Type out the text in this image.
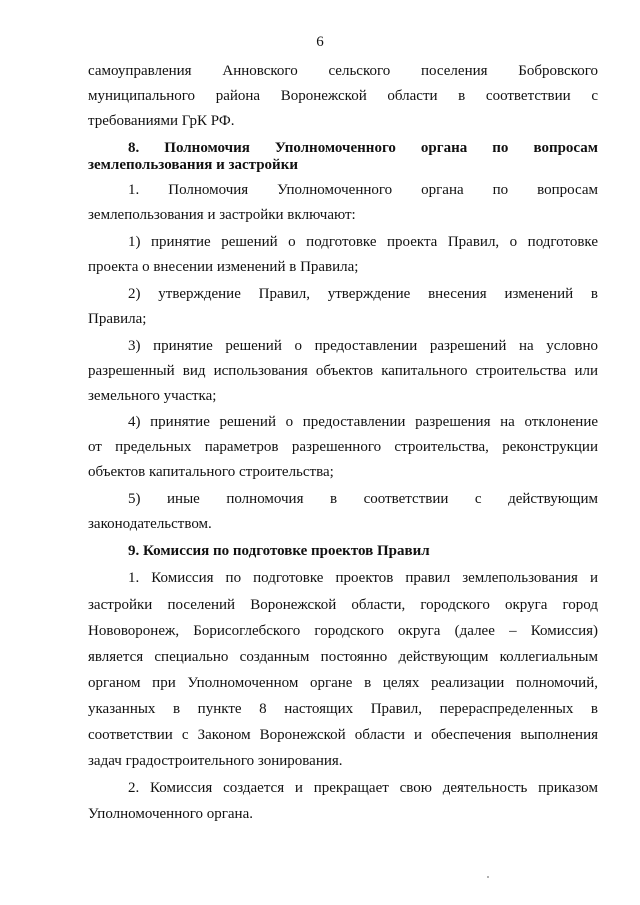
6
самоуправления Анновского сельского поселения Бобровского
муниципального района Воронежской области в соответствии с
требованиями ГрК РФ.
8. Полномочия Уполномоченного органа по вопросам
землепользования и застройки
1. Полномочия Уполномоченного органа по вопросам
землепользования и застройки включают:
1) принятие решений о подготовке проекта Правил, о подготовке
проекта о внесении изменений в Правила;
2) утверждение Правил, утверждение внесения изменений в
Правила;
3) принятие решений о предоставлении разрешений на условно
разрешенный вид использования объектов капитального строительства или
земельного участка;
4) принятие решений о предоставлении разрешения на отклонение
от предельных параметров разрешенного строительства, реконструкции
объектов капитального строительства;
5) иные полномочия в соответствии с действующим
законодательством.
9. Комиссия по подготовке проектов Правил
1. Комиссия по подготовке проектов правил землепользования и
застройки поселений Воронежской области, городского округа город
Нововоронеж, Борисоглебского городского округа (далее – Комиссия)
является специально созданным постоянно действующим коллегиальным
органом при Уполномоченном органе в целях реализации полномочий,
указанных в пункте 8 настоящих Правил, перераспределенных в
соответствии с Законом Воронежской области и обеспечения выполнения
задач градостроительного зонирования.
2. Комиссия создается и прекращает свою деятельность приказом
Уполномоченного органа.
